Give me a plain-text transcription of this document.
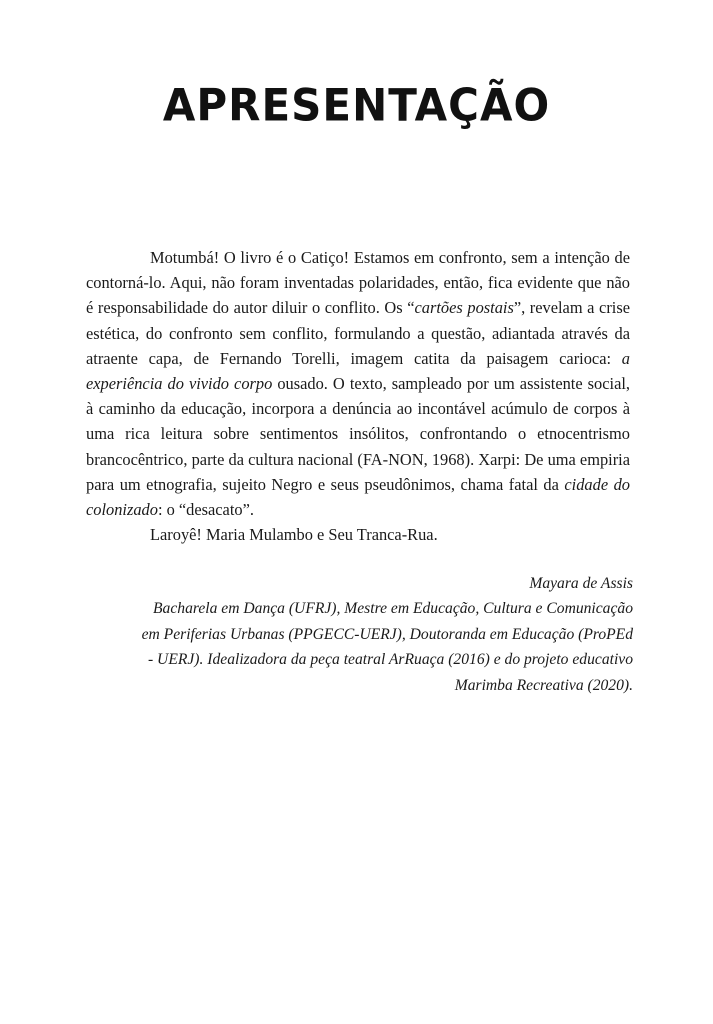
APRESENTAÇÃO

Motumbá! O livro é o Catiço! Estamos em confronto, sem a intenção de contorná-lo. Aqui, não foram inventadas polaridades, então, fica evidente que não é responsabilidade do autor diluir o conflito. Os “cartões postais”, revelam a crise estética, do confronto sem conflito, formulando a questão, adiantada através da atraente capa, de Fernando Torelli, imagem catita da paisagem carioca: a experiência do vivido corpo ousado. O texto, sampleado por um assistente social, à caminho da educação, incorpora a denúncia ao incontável acúmulo de corpos à uma rica leitura sobre sentimentos insólitos, confrontando o etnocentrismo brancocêntrico, parte da cultura nacional (FA-NON, 1968). Xarpi: De uma empiria para um etnografia, sujeito Negro e seus pseudônimos, chama fatal da cidade do colonizado: o “desacato”.

Laroyê! Maria Mulambo e Seu Tranca-Rua.

Mayara de Assis
Bacharela em Dança (UFRJ), Mestre em Educação, Cultura e Comunicação
em Periferias Urbanas (PPGECC-UERJ), Doutoranda em Educação (ProPEd
- UERJ). Idealizadora da peça teatral ArRuaça (2016) e do projeto educativo
Marimba Recreativa (2020).
